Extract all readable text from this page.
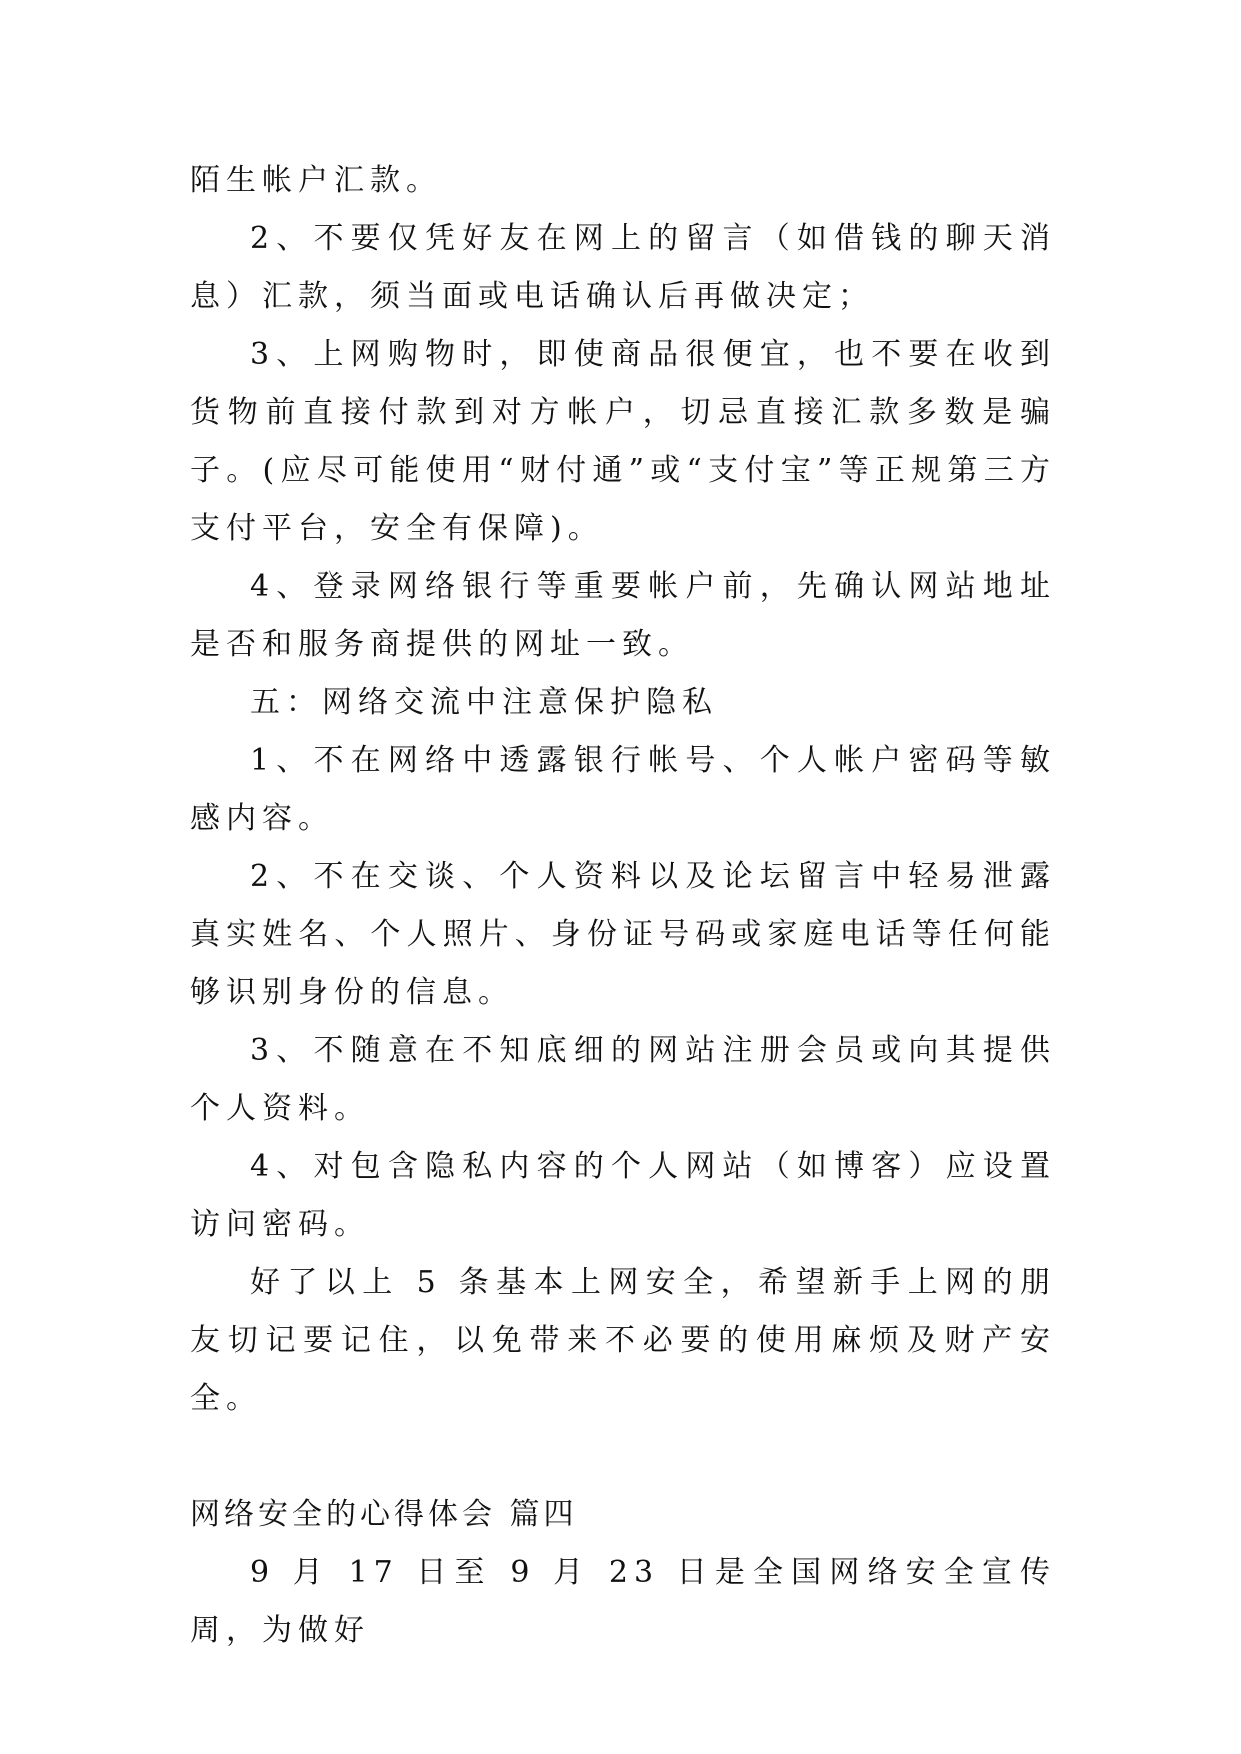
陌生帐户汇款。

2、不要仅凭好友在网上的留言（如借钱的聊天消息）汇款，须当面或电话确认后再做决定；

3、上网购物时，即使商品很便宜，也不要在收到货物前直接付款到对方帐户，切忌直接汇款多数是骗子。(应尽可能使用“财付通”或“支付宝”等正规第三方支付平台，安全有保障)。

4、登录网络银行等重要帐户前，先确认网站地址是否和服务商提供的网址一致。

五：网络交流中注意保护隐私

1、不在网络中透露银行帐号、个人帐户密码等敏感内容。

2、不在交谈、个人资料以及论坛留言中轻易泄露真实姓名、个人照片、身份证号码或家庭电话等任何能够识别身份的信息。

3、不随意在不知底细的网站注册会员或向其提供个人资料。

4、对包含隐私内容的个人网站（如博客）应设置访问密码。

好了以上 5 条基本上网安全，希望新手上网的朋友切记要记住，以免带来不必要的使用麻烦及财产安全。

网络安全的心得体会 篇四

9 月 17 日至 9 月 23 日是全国网络安全宣传周，为做好
